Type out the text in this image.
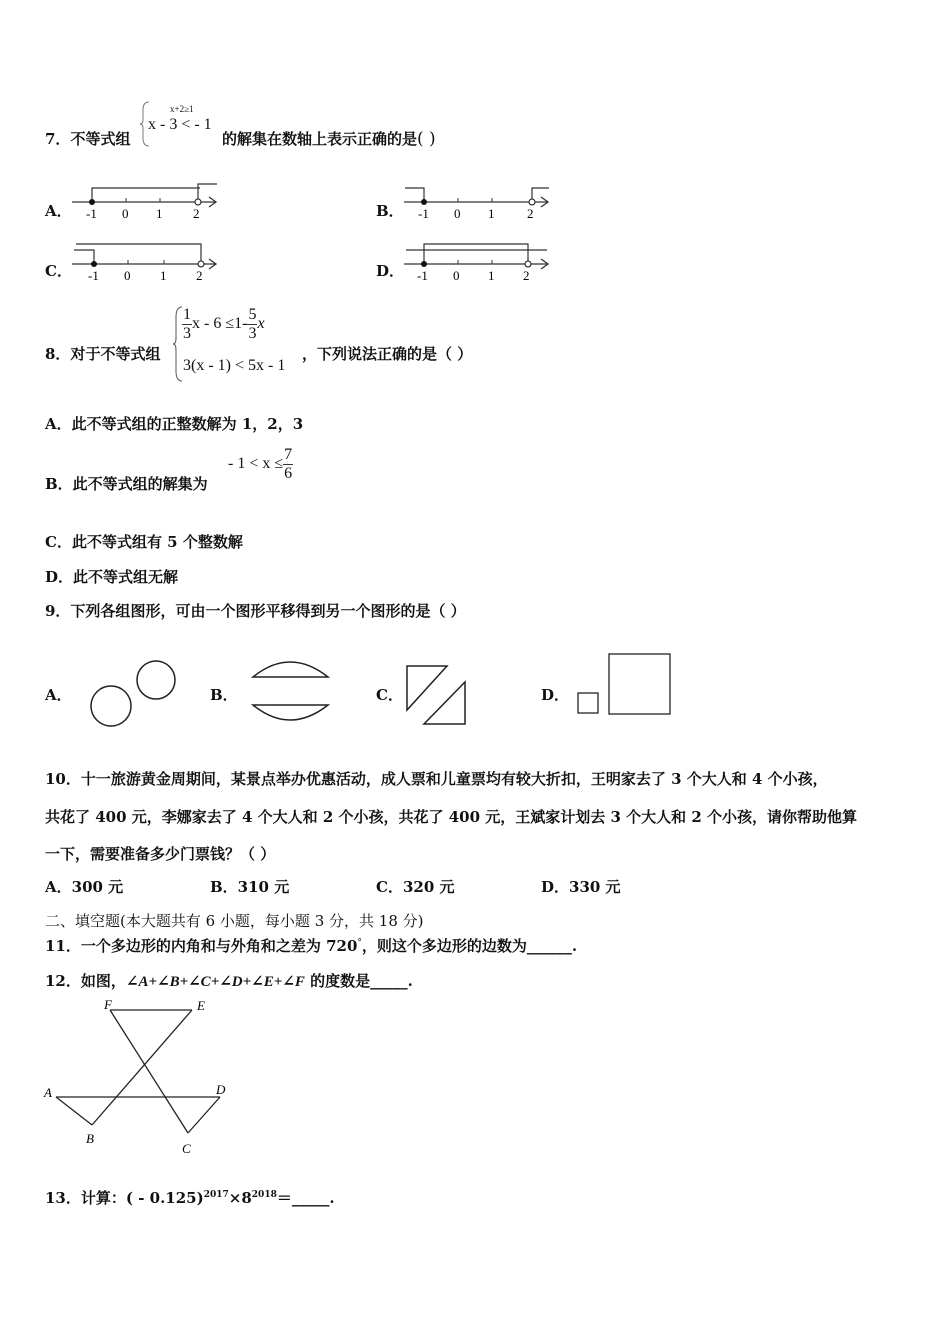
7．不等式组
x+2≥1
x - 3 < - 1
的解集在数轴上表示正确的是( )
A．	B．
C．	D．
-1 0 1 2	-1 0 1	2
-1 0 1 2	-1 0 1 2
8．对于不等式组
$\frac{1}{3}$ $x - 6 \le 1- \frac{5}{3}$ x
3(x - 1) < 5x - 1
，下列说法正确的是（ ）
A．此不等式组的正整数解为 1，2，3
B．此不等式组的解集为
- $1 < x \le \frac{7}{6}$
C．此不等式组有 5 个整数解
D．此不等式组无解
9．下列各组图形，可由一个图形平移得到另一个图形的是（ ）
A．	B．	C．	D．
10．十一旅游黄金周期间，某景点举办优惠活动，成人票和儿童票均有较大折扣，王明家去了 3 个大人和 4 个小孩，
共花了 400 元，李娜家去了 4 个大人和 2 个小孩，共花了 400 元，王斌家计划去 3 个大人和 2 个小孩，请你帮助他算
一下，需要准备多少门票钱？（ ）
A．300 元	B．310 元	C．320 元	D．330 元
二、填空题(本大题共有 6 小题，每小题 3 分，共 18 分)
11．一个多边形的内角和与外角和之差为 720°，则这个多边形的边数为______.
12．如图，∠A+∠B+∠C+∠D+∠E+∠F 的度数是_____.
F	E
A	D
B
C
13．计算：( - $0.125)^{2017}\times 8^{2018}=\_\_\_\_\_$.
